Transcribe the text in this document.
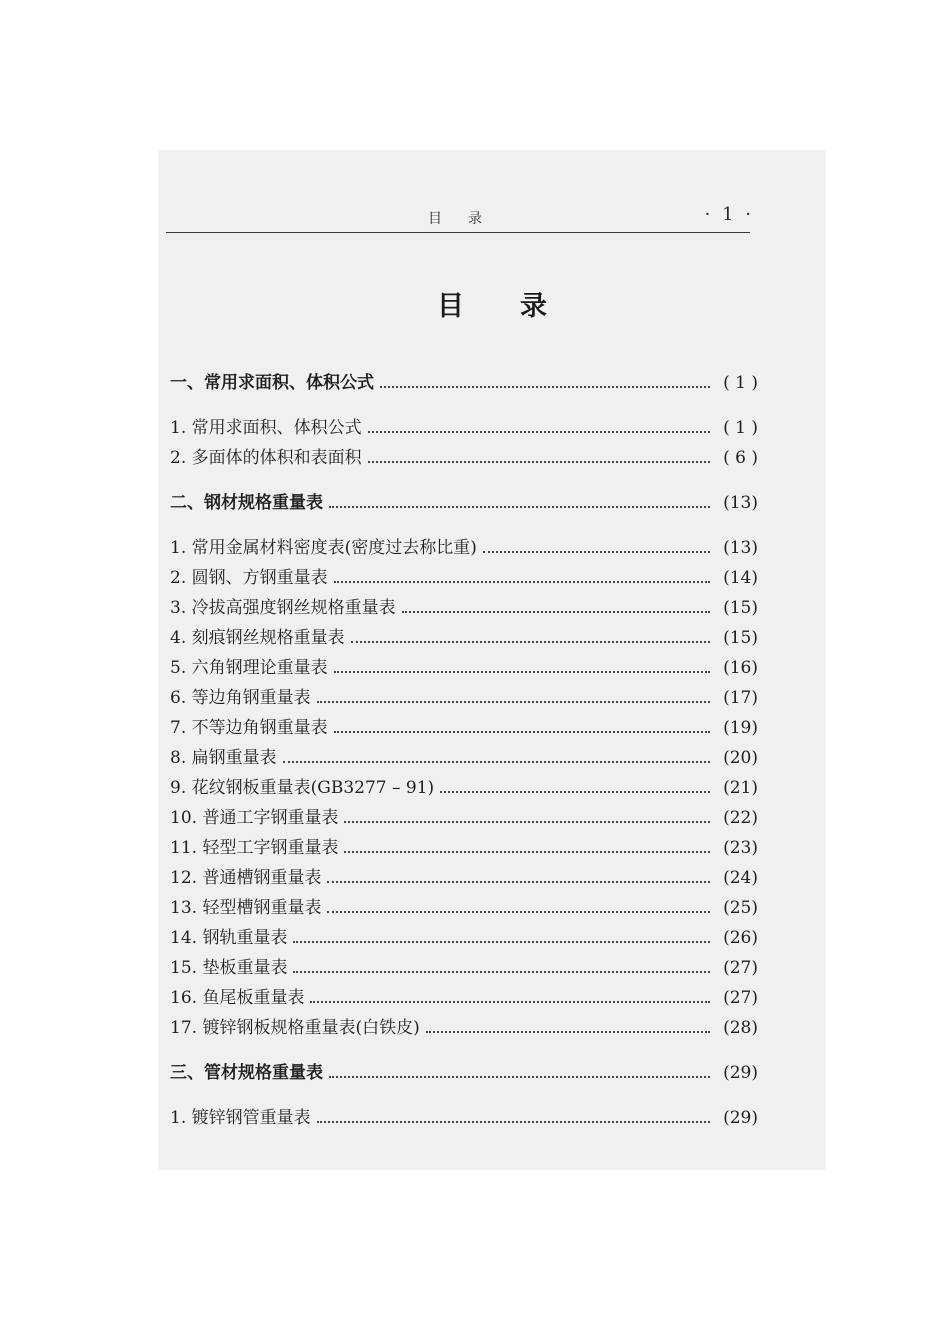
目录	· 1 ·
目录
一、常用求面积、体积公式	( 1 )
1. 常用求面积、体积公式	( 1 )
2. 多面体的体积和表面积	( 6 )
二、钢材规格重量表	(13)
1. 常用金属材料密度表(密度过去称比重)	(13)
2. 圆钢、方钢重量表	(14)
3. 冷拔高强度钢丝规格重量表	(15)
4. 刻痕钢丝规格重量表	(15)
5. 六角钢理论重量表	(16)
6. 等边角钢重量表	(17)
7. 不等边角钢重量表	(19)
8. 扁钢重量表	(20)
9. 花纹钢板重量表(GB3277 – 91)	(21)
10. 普通工字钢重量表	(22)
11. 轻型工字钢重量表	(23)
12. 普通槽钢重量表	(24)
13. 轻型槽钢重量表	(25)
14. 钢轨重量表	(26)
15. 垫板重量表	(27)
16. 鱼尾板重量表	(27)
17. 镀锌钢板规格重量表(白铁皮)	(28)
三、管材规格重量表	(29)
1. 镀锌钢管重量表	(29)
